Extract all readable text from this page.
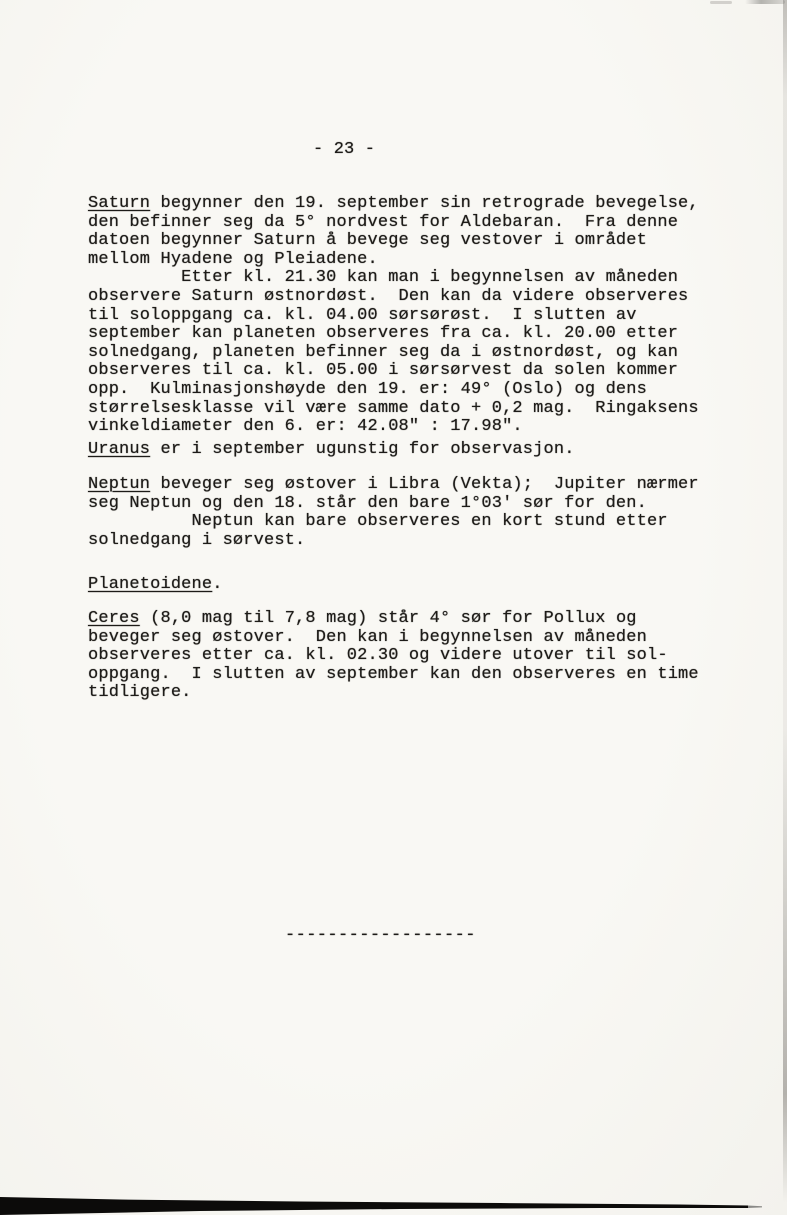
- 23 -
Saturn begynner den 19. september sin retrograde bevegelse,
den befinner seg da 5° nordvest for Aldebaran.  Fra denne
datoen begynner Saturn å bevege seg vestover i området
mellom Hyadene og Pleiadene.
Etter kl. 21.30 kan man i begynnelsen av måneden
observere Saturn østnordøst.  Den kan da videre observeres
til soloppgang ca. kl. 04.00 sørsørøst.  I slutten av
september kan planeten observeres fra ca. kl. 20.00 etter
solnedgang, planeten befinner seg da i østnordøst, og kan
observeres til ca. kl. 05.00 i sørsørvest da solen kommer
opp.  Kulminasjonshøyde den 19. er: 49° (Oslo) og dens
størrelsesklasse vil være samme dato + 0,2 mag.  Ringaksens
vinkeldiameter den 6. er: 42.08" : 17.98".
Uranus er i september ugunstig for observasjon.
Neptun beveger seg østover i Libra (Vekta);  Jupiter nærmer
seg Neptun og den 18. står den bare 1°03' sør for den.
Neptun kan bare observeres en kort stund etter
solnedgang i sørvest.
Planetoidene.
Ceres (8,0 mag til 7,8 mag) står 4° sør for Pollux og
beveger seg østover.  Den kan i begynnelsen av måneden
observeres etter ca. kl. 02.30 og videre utover til sol-
oppgang.  I slutten av september kan den observeres en time
tidligere.
------------------
